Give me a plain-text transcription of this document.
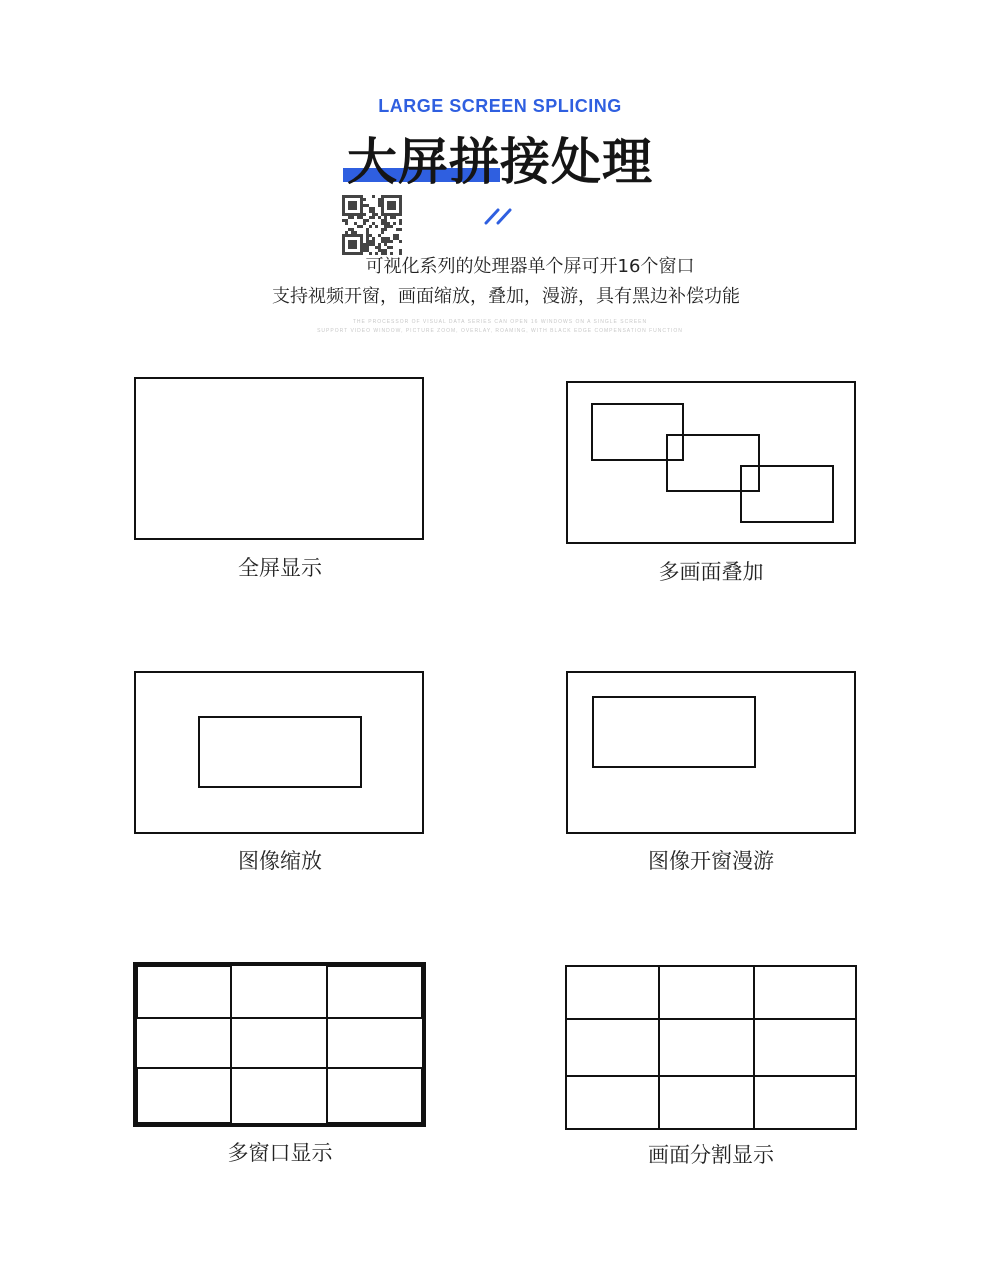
LARGE SCREEN SPLICING
大屏拼接处理
可视化系列的处理器单个屏可开16个窗口
支持视频开窗，画面缩放，叠加，漫游，具有黑边补偿功能
THE PROCESSOR OF VISUAL DATA SERIES CAN OPEN 16 WINDOWS ON A SINGLE SCREEN
SUPPORT VIDEO WINDOW, PICTURE ZOOM, OVERLAY, ROAMING, WITH BLACK EDGE COMPENSATION FUNCTION
全屏显示	多画面叠加
图像缩放	图像开窗漫游
多窗口显示	画面分割显示
